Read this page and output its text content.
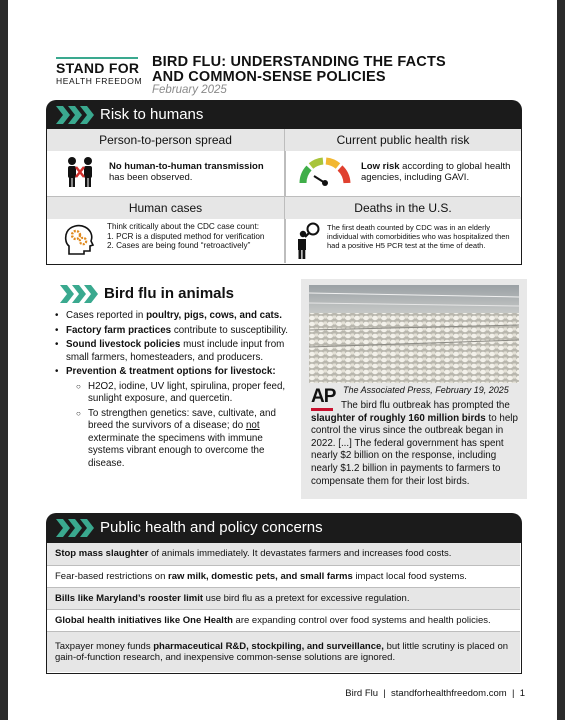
STAND FOR
HEALTH FREEDOM
BIRD FLU: UNDERSTANDING THE FACTS
AND COMMON-SENSE POLICIES
February 2025
Risk to humans
Person-to-person spread
No human-to-human transmission has been observed.
Current public health risk
Low risk according to global health agencies, including GAVI.
Human cases
Think critically about the CDC case count:
1. PCR is a disputed method for verification
2. Cases are being found “retroactively”
Deaths in the U.S.
The first death counted by CDC was in an elderly individual with comorbidities who was hospitalized then had a positive H5 PCR test at the time of death.
Bird flu in animals
• Cases reported in poultry, pigs, cows, and cats.
• Factory farm practices contribute to susceptibility.
• Sound livestock policies must include input from small farmers, homesteaders, and producers.
• Prevention & treatment options for livestock:
○ H2O2, iodine, UV light, spirulina, proper feed, sunlight exposure, and quercetin.
○ To strengthen genetics: save, cultivate, and breed the survivors of a disease; do not exterminate the specimens with immune systems vibrant enough to overcome the disease.
AP The Associated Press, February 19, 2025
The bird flu outbreak has prompted the slaughter of roughly 160 million birds to help control the virus since the outbreak began in 2022. [...] The federal government has spent nearly $2 billion on the response, including nearly $1.2 billion in payments to farmers to compensate them for their lost birds.
Public health and policy concerns
Stop mass slaughter of animals immediately. It devastates farmers and increases food costs.
Fear-based restrictions on raw milk, domestic pets, and small farms impact local food systems.
Bills like Maryland’s rooster limit use bird flu as a pretext for excessive regulation.
Global health initiatives like One Health are expanding control over food systems and health policies.
Taxpayer money funds pharmaceutical R&D, stockpiling, and surveillance, but little scrutiny is placed on gain-of-function research, and inexpensive common-sense solutions are ignored.
Bird Flu  |  standforhealthfreedom.com  |  1
